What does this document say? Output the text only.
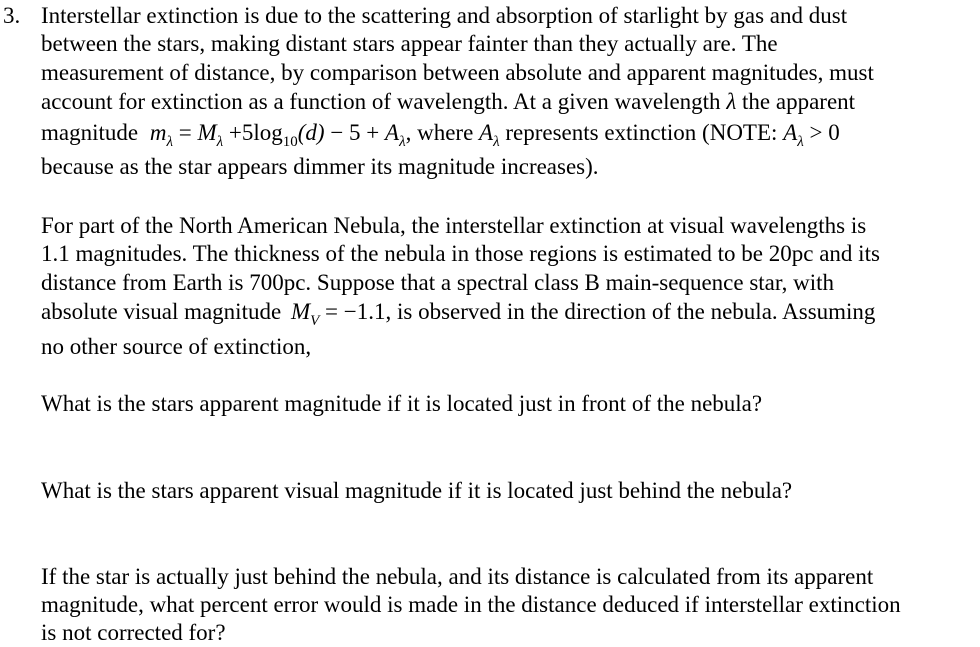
3. Interstellar extinction is due to the scattering and absorption of starlight by gas and dust
between the stars, making distant stars appear fainter than they actually are. The
measurement of distance, by comparison between absolute and apparent magnitudes, must
account for extinction as a function of wavelength. At a given wavelength λ the apparent
magnitude $m_\lambda = M_\lambda +5\log_{10}(d) - 5 + A_\lambda$, where $A_\lambda$ represents extinction (NOTE: $A_\lambda > 0$
because as the star appears dimmer its magnitude increases).
For part of the North American Nebula, the interstellar extinction at visual wavelengths is
1.1 magnitudes. The thickness of the nebula in those regions is estimated to be 20pc and its
distance from Earth is 700pc. Suppose that a spectral class B main-sequence star, with
absolute visual magnitude $M_V = -1.1$, is observed in the direction of the nebula. Assuming
no other source of extinction,
What is the stars apparent magnitude if it is located just in front of the nebula?
What is the stars apparent visual magnitude if it is located just behind the nebula?
If the star is actually just behind the nebula, and its distance is calculated from its apparent
magnitude, what percent error would is made in the distance deduced if interstellar extinction
is not corrected for?
